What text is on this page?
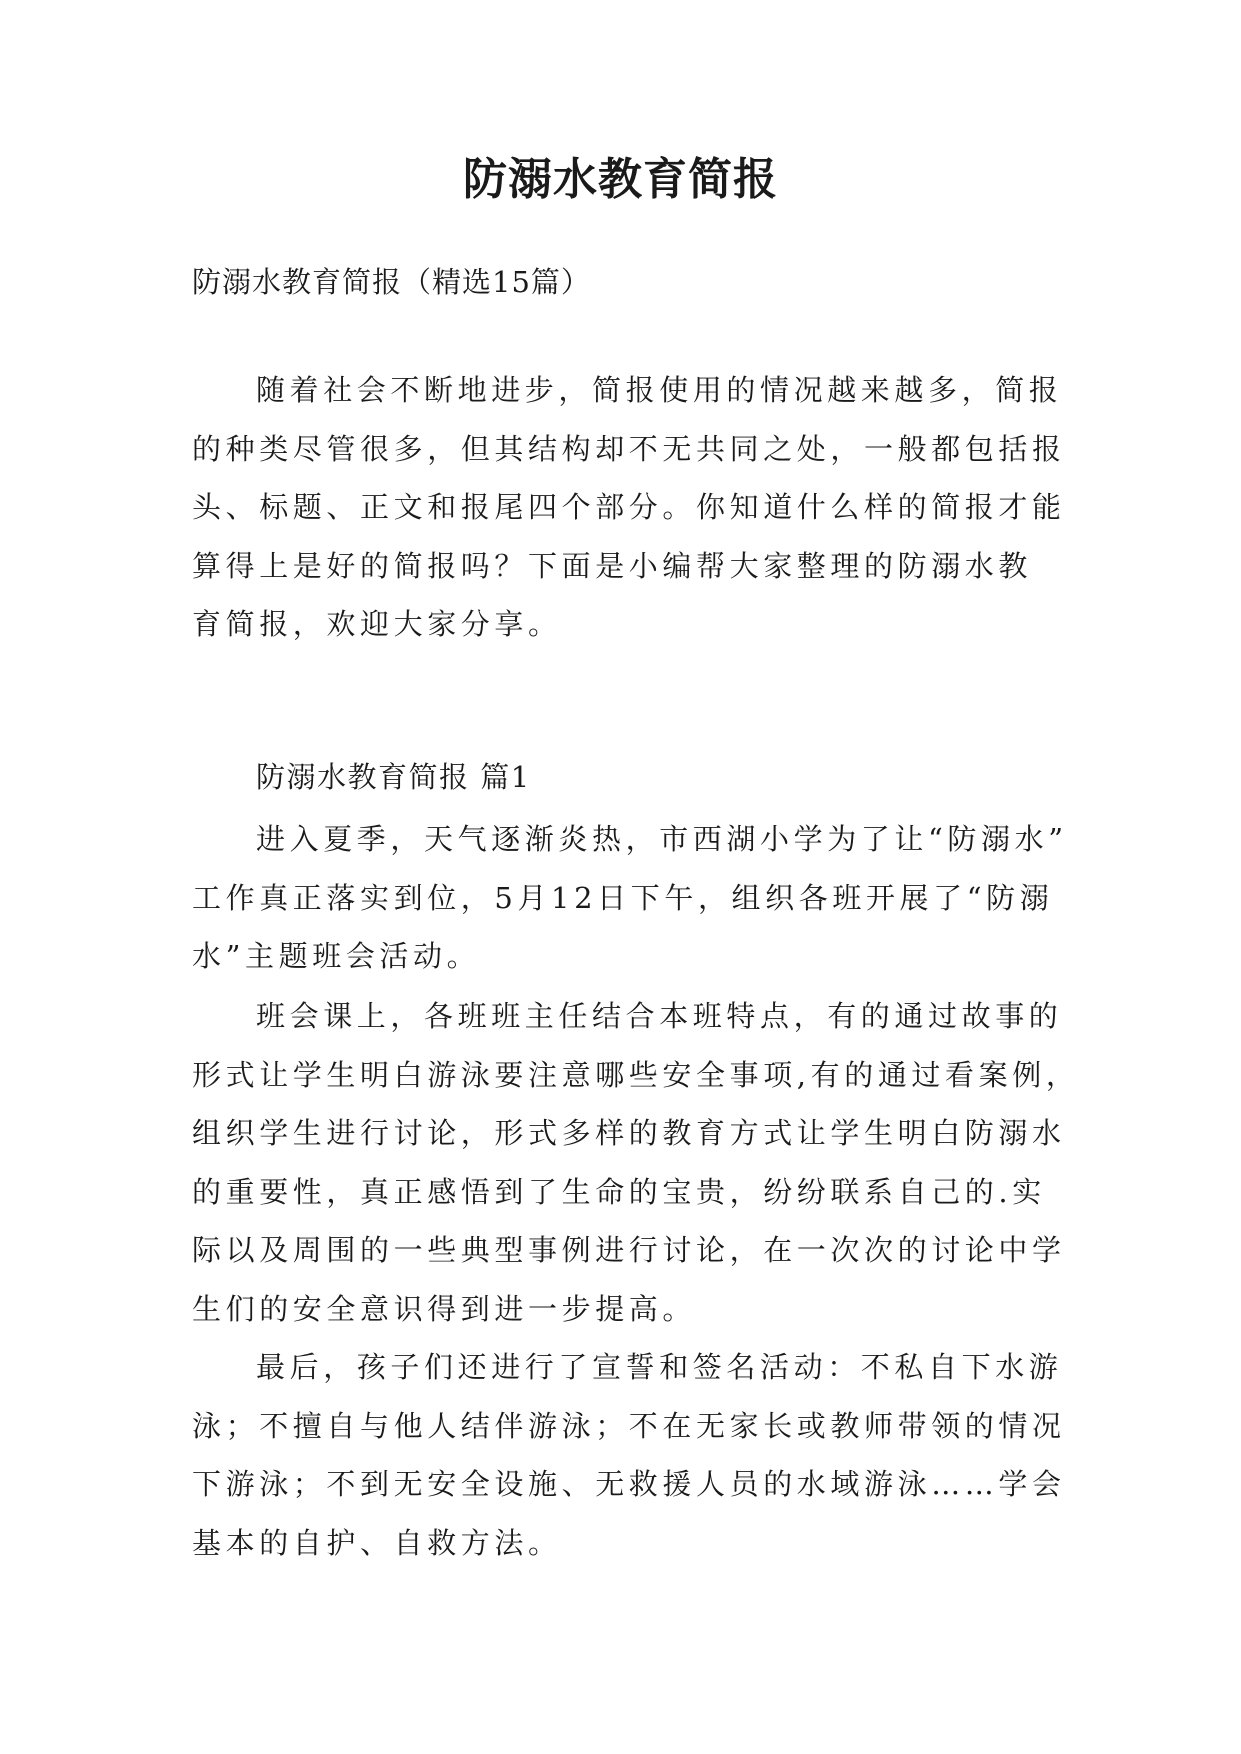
防溺水教育简报
防溺水教育简报（精选15篇）
随着社会不断地进步，简报使用的情况越来越多，简报
的种类尽管很多，但其结构却不无共同之处，一般都包括报
头、标题、正文和报尾四个部分。你知道什么样的简报才能
算得上是好的简报吗？下面是小编帮大家整理的防溺水教
育简报，欢迎大家分享。
防溺水教育简报 篇1
进入夏季，天气逐渐炎热，市西湖小学为了让“防溺水”
工作真正落实到位，5月12日下午，组织各班开展了“防溺
水”主题班会活动。
班会课上，各班班主任结合本班特点，有的通过故事的
形式让学生明白游泳要注意哪些安全事项,有的通过看案例，
组织学生进行讨论，形式多样的教育方式让学生明白防溺水
的重要性，真正感悟到了生命的宝贵，纷纷联系自己的.实
际以及周围的一些典型事例进行讨论，在一次次的讨论中学
生们的安全意识得到进一步提高。
最后，孩子们还进行了宣誓和签名活动：不私自下水游
泳；不擅自与他人结伴游泳；不在无家长或教师带领的情况
下游泳；不到无安全设施、无救援人员的水域游泳……学会
基本的自护、自救方法。
